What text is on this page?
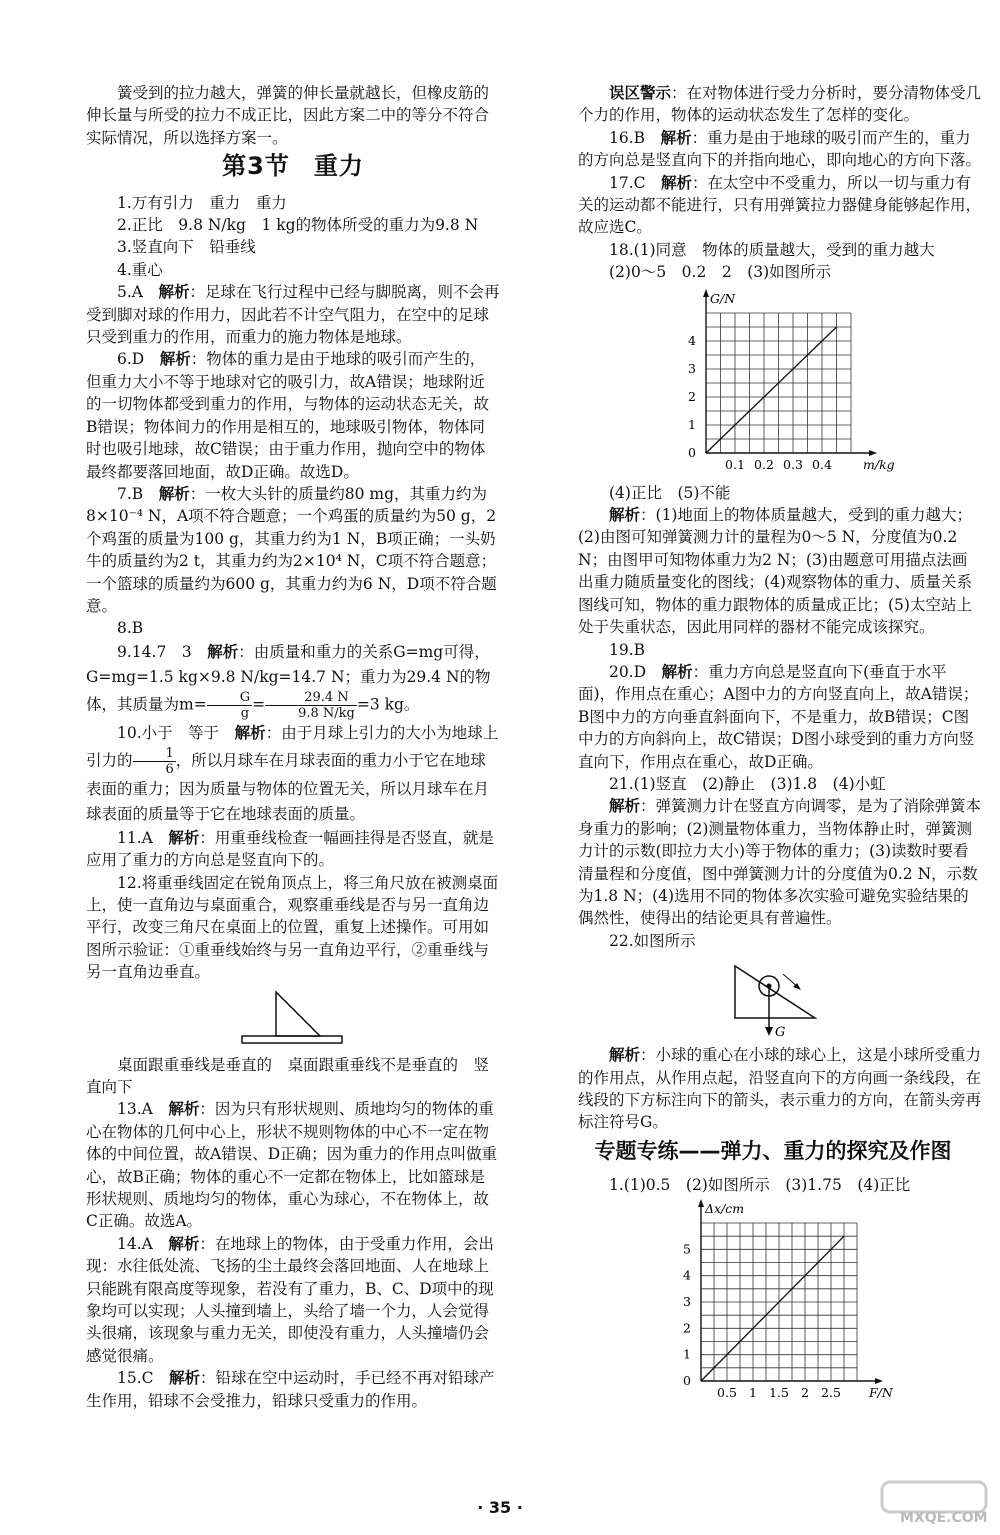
簧受到的拉力越大，弹簧的伸长量就越长，但橡皮筋的伸长量与所受的拉力不成正比，因此方案二中的等分不符合实际情况，所以选择方案一。

第3节 重力

1.万有引力　重力　重力

2.正比　9.8 N/kg　1 kg的物体所受的重力为9.8 N

3.竖直向下　铅垂线

4.重心

5.A　 解析：足球在飞行过程中已经与脚脱离，则不会再受到脚对球的作用力，因此若不计空气阻力，在空中的足球只受到重力的作用，而重力的施力物体是地球。

6.D　 解析：物体的重力是由于地球的吸引而产生的，但重力大小不等于地球对它的吸引力，故A错误；地球附近的一切物体都受到重力的作用，与物体的运动状态无关，故B错误；物体间力的作用是相互的，地球吸引物体，物体同时也吸引地球，故C错误；由于重力作用，抛向空中的物体最终都要落回地面，故D正确。故选D。

7.B　 解析：一枚大头针的质量约80 mg，其重力约为8×10⁻⁴ N，A项不符合题意；一个鸡蛋的质量约为50 g，2个鸡蛋的质量为100 g，其重力约为1 N，B项正确；一头奶牛的质量约为2 t，其重力约为2×10⁴ N，C项不符合题意；一个篮球的质量约为600 g，其重力约为6 N，D项不符合题意。

8.B

9.14.7　3　 解析：由质量和重力的关系G=mg可得，G=mg=1.5 kg×9.8 N/kg=14.7 N；重力为29.4 N的物体，其质量为$m= \frac{G}{g} = \frac{29.4 N}{9.8 N/kg} =3$ kg。

10.小于　等于　 解析：由于月球上引力的大小为地球上引力的 $\frac{1}{6}$ ，所以月球车在月球表面的重力小于它在地球表面的重力；因为质量与物体的位置无关，所以月球车在月球表面的质量等于它在地球表面的质量。

11.A　 解析：用重垂线检查一幅画挂得是否竖直，就是应用了重力的方向总是竖直向下的。

12.将重垂线固定在锐角顶点上，将三角尺放在被测桌面上，使一直角边与桌面重合，观察重垂线是否与另一直角边平行，改变三角尺在桌面上的位置，重复上述操作。可用如图所示验证：①重垂线始终与另一直角边平行，②重垂线与另一直角边垂直。

桌面跟重垂线是垂直的　桌面跟重垂线不是垂直的　竖直向下

13.A　 解析：因为只有形状规则、质地均匀的物体的重心在物体的几何中心上，形状不规则物体的中心不一定在物体的中间位置，故A错误、D正确；因为重力的作用点叫做重心，故B正确；物体的重心不一定都在物体上，比如篮球是形状规则、质地均匀的物体，重心为球心，不在物体上，故C正确。故选A。

14.A　 解析：在地球上的物体，由于受重力作用，会出现：水往低处流、飞扬的尘土最终会落回地面、人在地球上只能跳有限高度等现象，若没有了重力，B、C、D项中的现象均可以实现；人头撞到墙上，头给了墙一个力，人会觉得头很痛，该现象与重力无关，即使没有重力，人头撞墙仍会感觉很痛。

15.C　 解析：铅球在空中运动时，手已经不再对铅球产生作用，铅球不会受推力，铅球只受重力的作用。

误区警示：在对物体进行受力分析时，要分清物体受几个力的作用，物体的运动状态发生了怎样的变化。

16.B　 解析：重力是由于地球的吸引而产生的，重力的方向总是竖直向下的并指向地心，即向地心的方向下落。

17.C　 解析：在太空中不受重力，所以一切与重力有关的运动都不能进行，只有用弹簧拉力器健身能够起作用，故应选C。

18.(1)同意　物体的质量越大，受到的重力越大

(2)0～5　0.2　2　(3)如图所示

0
1
2
3
4
0.1 0.2 0.3 0.4
G/N
m/kg

(4)正比　(5)不能

解析：(1)地面上的物体质量越大，受到的重力越大；(2)由图可知弹簧测力计的量程为0～5 N，分度值为0.2 N；由图甲可知物体重力为2 N；(3)由题意可用描点法画出重力随质量变化的图线；(4)观察物体的重力、质量关系图线可知，物体的重力跟物体的质量成正比；(5)太空站上处于失重状态，因此用同样的器材不能完成该探究。

19.B

20.D　 解析：重力方向总是竖直向下(垂直于水平面)，作用点在重心；A图中力的方向竖直向上，故A错误；B图中力的方向垂直斜面向下，不是重力，故B错误；C图中力的方向斜向上，故C错误；D图小球受到的重力方向竖直向下，作用点在重心，故D正确。

21.(1)竖直　(2)静止　(3)1.8　(4)小虹

解析：弹簧测力计在竖直方向调零，是为了消除弹簧本身重力的影响；(2)测量物体重力，当物体静止时，弹簧测力计的示数(即拉力大小)等于物体的重力；(3)读数时要看清量程和分度值，图中弹簧测力计的分度值为0.2 N，示数为1.8 N；(4)选用不同的物体多次实验可避免实验结果的偶然性，使得出的结论更具有普遍性。

22.如图所示

G

解析：小球的重心在小球的球心上，这是小球所受重力的作用点，从作用点起，沿竖直向下的方向画一条线段，在线段的下方标注向下的箭头，表示重力的方向，在箭头旁再标注符号G。

专题专练——弹力、重力的探究及作图

1.(1)0.5　(2)如图所示　(3)1.75　(4)正比

0
1
2
3
4
5
0.5 1 1.5 2 2.5
Δx/cm
F/N
· 35 ·
MXQE.COM
